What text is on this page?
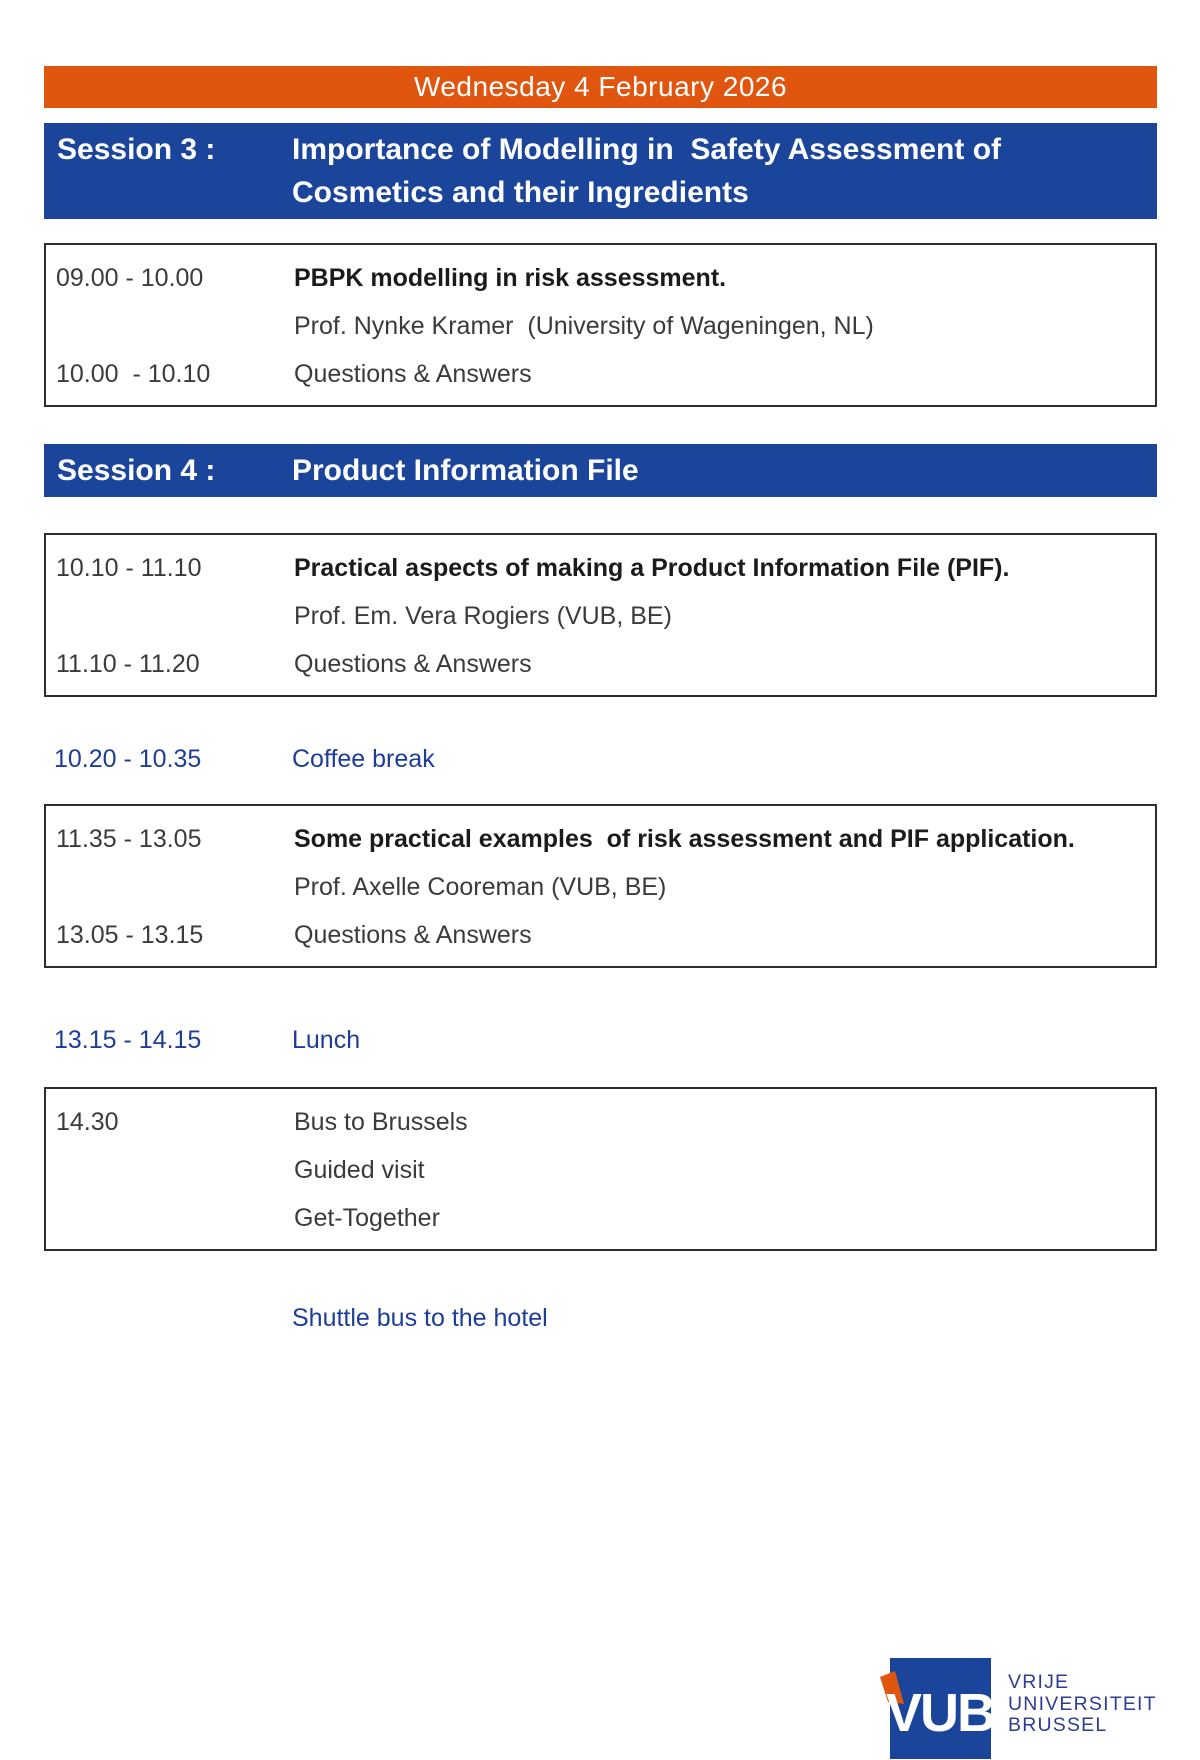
Wednesday 4 February 2026
Session 3 :	Importance of Modelling in  Safety Assessment of Cosmetics and their Ingredients
09.00 - 10.00	PBPK modelling in risk assessment.
Prof. Nynke Kramer  (University of Wageningen, NL)
10.00  - 10.10	Questions & Answers
Session 4 :	Product Information File
10.10 - 11.10	Practical aspects of making a Product Information File (PIF).
Prof. Em. Vera Rogiers (VUB, BE)
11.10 - 11.20	Questions & Answers
10.20 - 10.35	Coffee break
11.35 - 13.05	Some practical examples  of risk assessment and PIF application.
Prof. Axelle Cooreman (VUB, BE)
13.05 - 13.15	Questions & Answers
13.15 - 14.15	Lunch
14.30	Bus to Brussels
Guided visit
Get-Together
Shuttle bus to the hotel
VUB
VRIJE
UNIVERSITEIT
BRUSSEL
